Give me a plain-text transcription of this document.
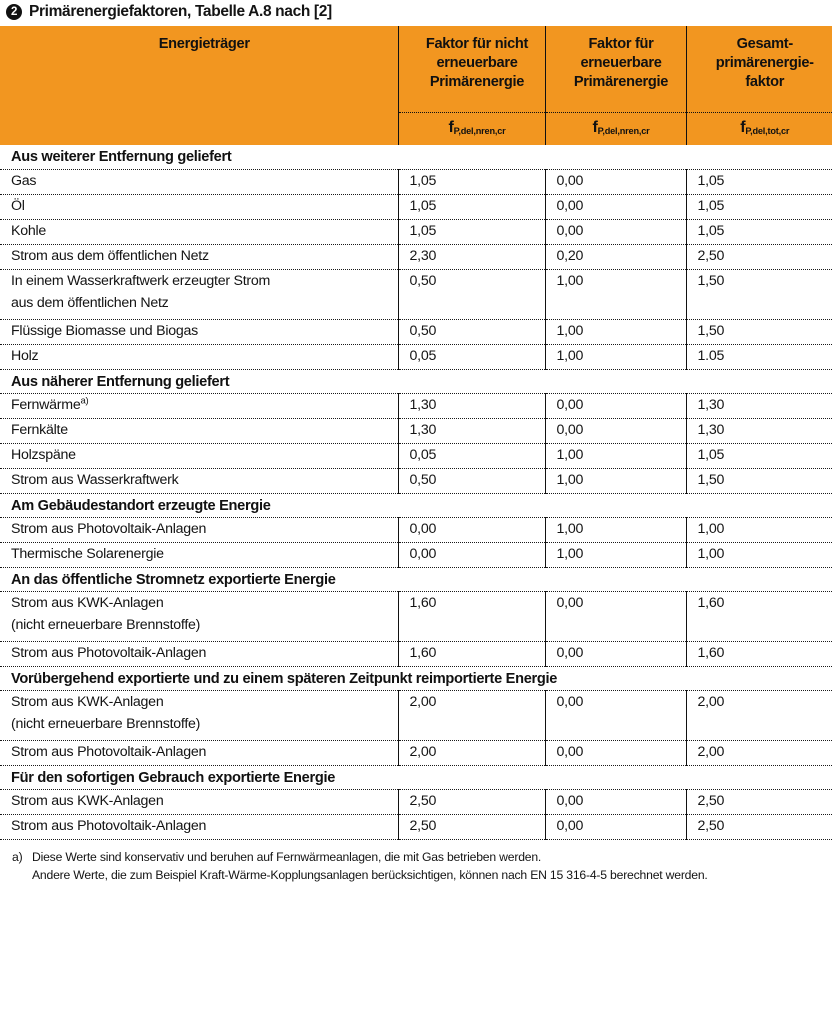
2 Primärenergiefaktoren, Tabelle A.8 nach [2]
Energieträger	Faktor für nicht erneuerbare Primärenergie	Faktor für erneuerbare Primärenergie	Gesamt-primärenergie-faktor
	$f_{P,del,nren,cr}$	$f_{P,del,nren,cr}$	$f_{P,del,tot,cr}$
Aus weiterer Entfernung geliefert			
Gas	1,05	0,00	1,05
Öl	1,05	0,00	1,05
Kohle	1,05	0,00	1,05
Strom aus dem öffentlichen Netz	2,30	0,20	2,50
In einem Wasserkraftwerk erzeugter Strom
aus dem öffentlichen Netz	0,50	1,00	1,50
Flüssige Biomasse und Biogas	0,50	1,00	1,50
Holz	0,05	1,00	1.05
Aus näherer Entfernung geliefert			
Fernwärme$^{a)}$	1,30	0,00	1,30
Fernkälte	1,30	0,00	1,30
Holzspäne	0,05	1,00	1,05
Strom aus Wasserkraftwerk	0,50	1,00	1,50
Am Gebäudestandort erzeugte Energie			
Strom aus Photovoltaik-Anlagen	0,00	1,00	1,00
Thermische Solarenergie	0,00	1,00	1,00
An das öffentliche Stromnetz exportierte Energie			
Strom aus KWK-Anlagen
(nicht erneuerbare Brennstoffe)	1,60	0,00	1,60
Strom aus Photovoltaik-Anlagen	1,60	0,00	1,60
Vorübergehend exportierte und zu einem späteren Zeitpunkt reimportierte Energie			
Strom aus KWK-Anlagen
(nicht erneuerbare Brennstoffe)	2,00	0,00	2,00
Strom aus Photovoltaik-Anlagen	2,00	0,00	2,00
Für den sofortigen Gebrauch exportierte Energie			
Strom aus KWK-Anlagen	2,50	0,00	2,50
Strom aus Photovoltaik-Anlagen	2,50	0,00	2,50
a) Diese Werte sind konservativ und beruhen auf Fernwärmeanlagen, die mit Gas betrieben werden.
Andere Werte, die zum Beispiel Kraft-Wärme-Kopplungsanlagen berücksichtigen, können nach EN 15 316-4-5 berechnet werden.
